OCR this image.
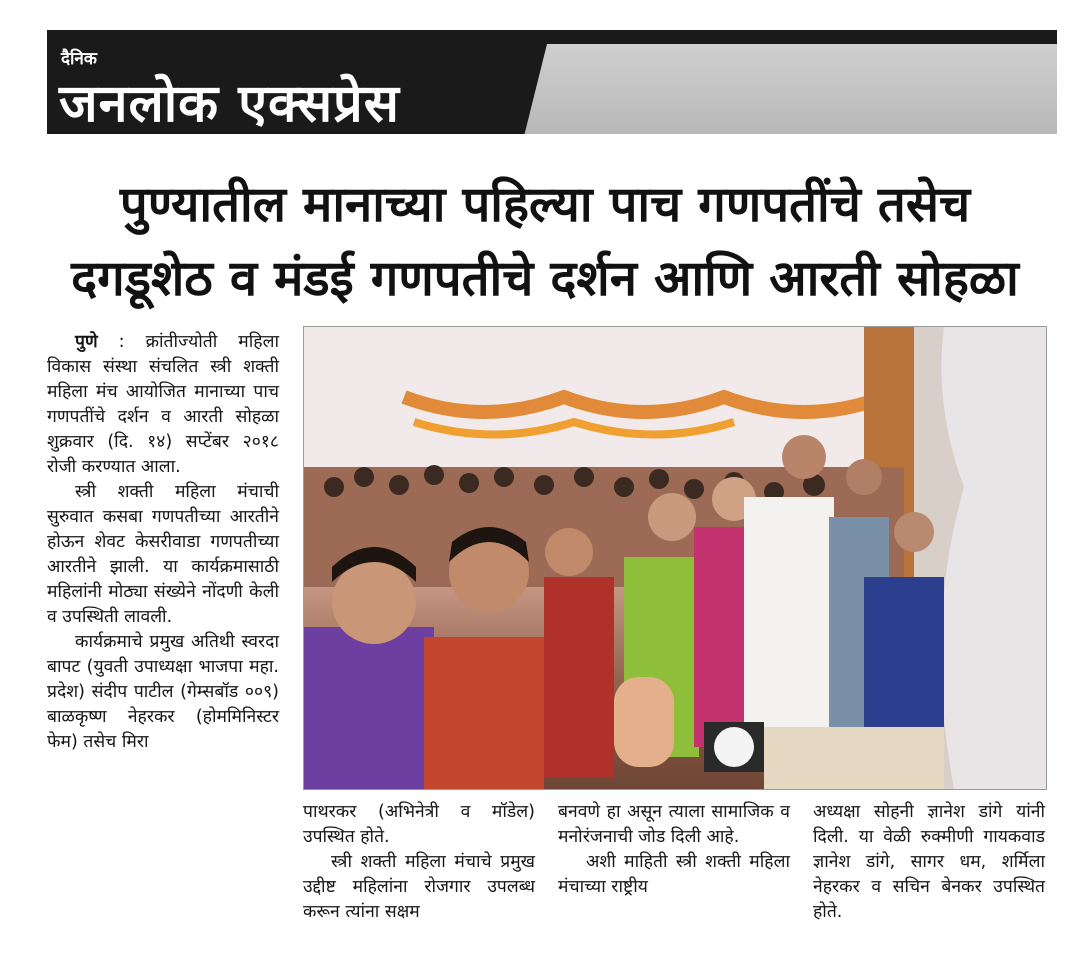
दैनिक
जनलोक एक्सप्रेस
पुण्यातील मानाच्या पहिल्या पाच गणपतींचे तसेच
दगडूशेठ व मंडई गणपतीचे दर्शन आणि आरती सोहळा

पुणे : क्रांतीज्योती महिला विकास संस्था संचलित स्त्री शक्ती महिला मंच आयोजित मानाच्या पाच गणपतींचे दर्शन व आरती सोहळा शुक्रवार (दि. १४) सप्टेंबर २०१८ रोजी करण्यात आला.

स्त्री शक्ती महिला मंचाची सुरुवात कसबा गणपतीच्या आरतीने होऊन शेवट केसरीवाडा गणपतीच्या आरतीने झाली. या कार्यक्रमासाठी महिलांनी मोठ्या संख्येने नोंदणी केली व उपस्थिती लावली.

कार्यक्रमाचे प्रमुख अतिथी स्वरदा बापट (युवती उपाध्यक्षा भाजपा महा. प्रदेश) संदीप पाटील (गेम्सबॉड ००९) बाळकृष्ण नेहरकर (होममिनिस्टर फेम) तसेच मिरा

पाथरकर (अभिनेत्री व मॉडेल) उपस्थित होते.

स्त्री शक्ती महिला मंचाचे प्रमुख उद्दीष्ट महिलांना रोजगार उपलब्ध करून त्यांना सक्षम

बनवणे हा असून त्याला सामाजिक व मनोरंजनाची जोड दिली आहे.

अशी माहिती स्त्री शक्ती महिला मंचाच्या राष्ट्रीय

अध्यक्षा सोहनी ज्ञानेश डांगे यांनी दिली. या वेळी रुक्मीणी गायकवाड ज्ञानेश डांगे, सागर धम, शर्मिला नेहरकर व सचिन बेनकर उपस्थित होते.
